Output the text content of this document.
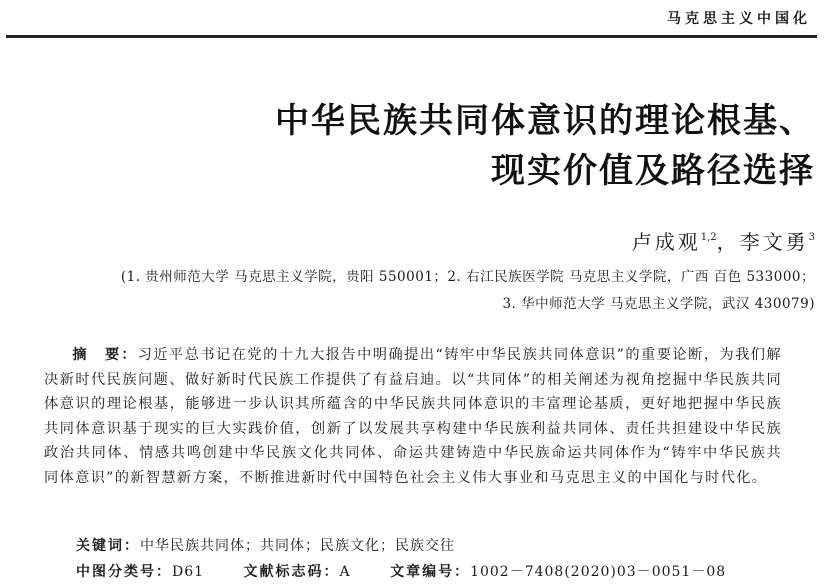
马克思主义中国化
中华民族共同体意识的理论根基、
现实价值及路径选择
卢成观$^{1,2}$，李文勇$^3$
(1. 贵州师范大学 马克思主义学院，贵阳 550001；2. 右江民族医学院 马克思主义学院，广西 百色 533000；
3. 华中师范大学 马克思主义学院，武汉 430079)
摘　要：习近平总书记在党的十九大报告中明确提出“铸牢中华民族共同体意识”的重要论断，为我们解决新时代民族问题、做好新时代民族工作提供了有益启迪。以“共同体”的相关阐述为视角挖掘中华民族共同体意识的理论根基，能够进一步认识其所蕴含的中华民族共同体意识的丰富理论基质，更好地把握中华民族共同体意识基于现实的巨大实践价值，创新了以发展共享构建中华民族利益共同体、责任共担建设中华民族政治共同体、情感共鸣创建中华民族文化共同体、命运共建铸造中华民族命运共同体作为“铸牢中华民族共同体意识”的新智慧新方案，不断推进新时代中国特色社会主义伟大事业和马克思主义的中国化与时代化。
关键词：中华民族共同体；共同体；民族文化；民族交往
中图分类号：D61	文献标志码：A	文章编号：1002－7408(2020)03－0051－08
